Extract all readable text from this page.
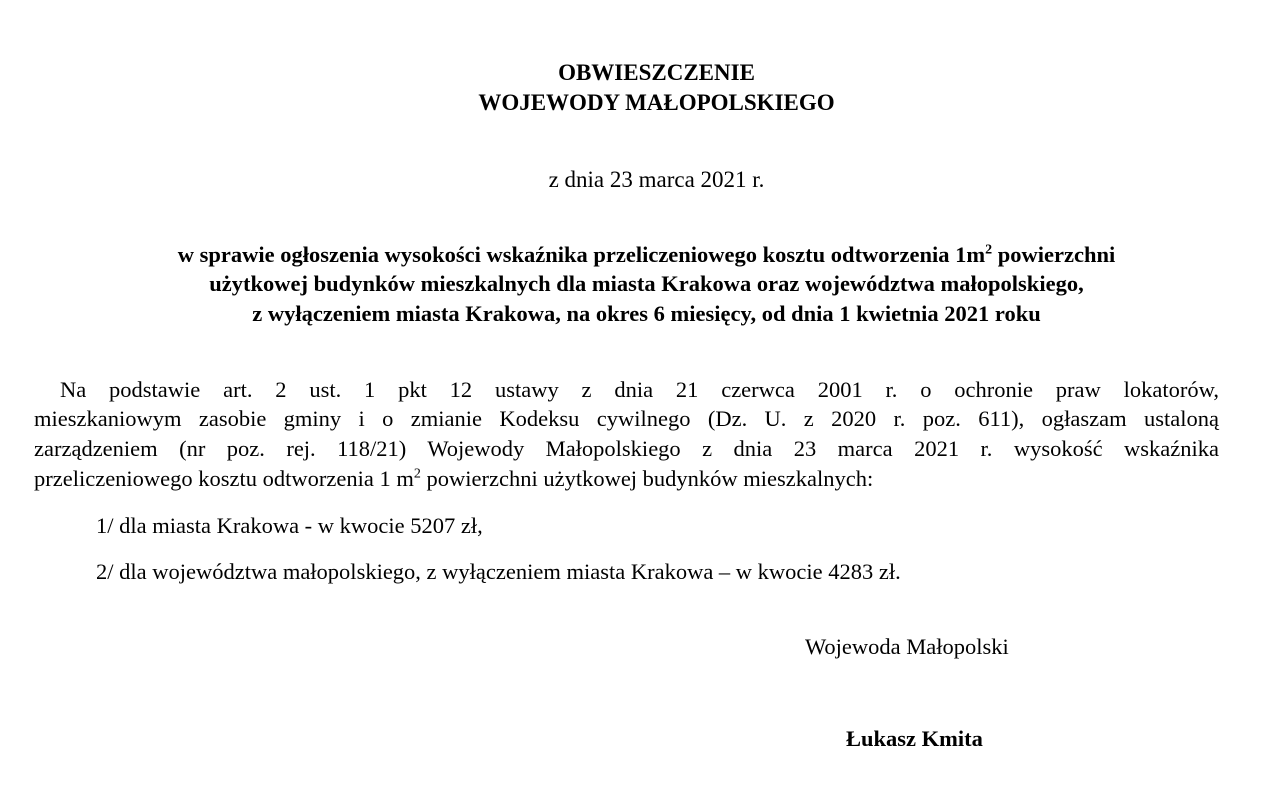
OBWIESZCZENIE
WOJEWODY MAŁOPOLSKIEGO
z dnia 23 marca 2021 r.
w sprawie ogłoszenia wysokości wskaźnika przeliczeniowego kosztu odtworzenia $1m^2$ powierzchni
użytkowej budynków mieszkalnych dla miasta Krakowa oraz województwa małopolskiego,
z wyłączeniem miasta Krakowa, na okres 6 miesięcy, od dnia 1 kwietnia 2021 roku
Na podstawie art. 2 ust. 1 pkt 12 ustawy z dnia 21 czerwca 2001 r. o ochronie praw lokatorów,
mieszkaniowym zasobie gminy i o zmianie Kodeksu cywilnego (Dz. U. z 2020 r. poz. 611), ogłaszam ustaloną
zarządzeniem (nr poz. rej. 118/21) Wojewody Małopolskiego z dnia 23 marca 2021 r. wysokość wskaźnika
przeliczeniowego kosztu odtworzenia 1 $m^2$ powierzchni użytkowej budynków mieszkalnych:
1/ dla miasta Krakowa - w kwocie 5207 zł,
2/ dla województwa małopolskiego, z wyłączeniem miasta Krakowa – w kwocie 4283 zł.
Wojewoda Małopolski
Łukasz Kmita
